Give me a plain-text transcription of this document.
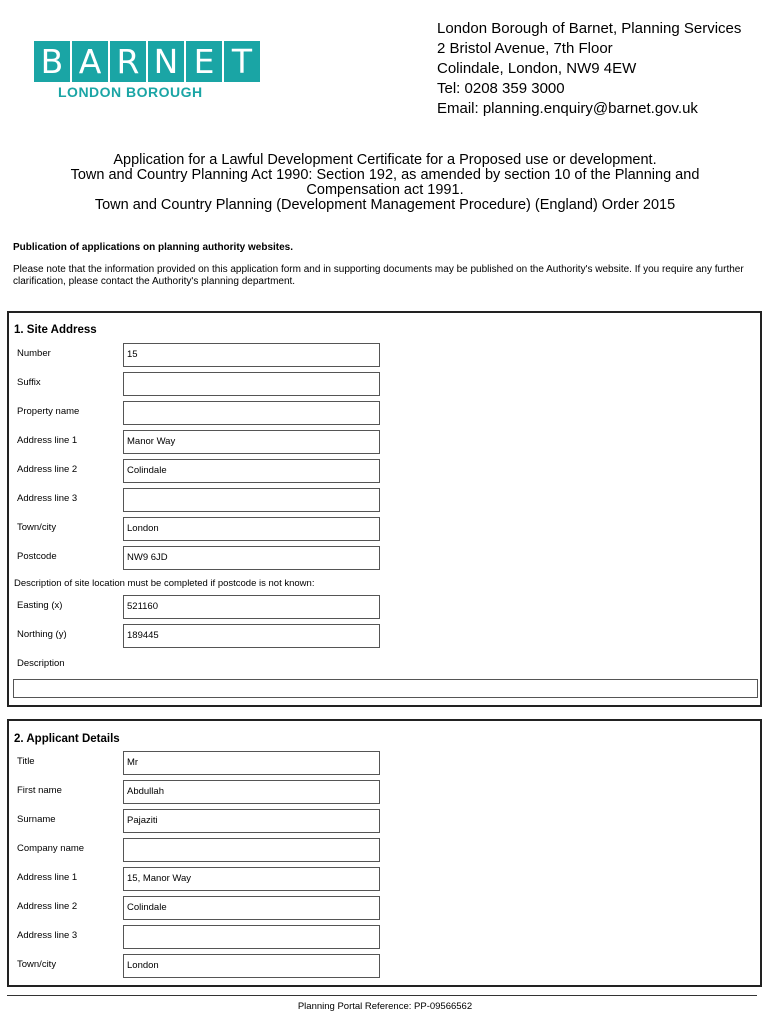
B A R N E T
LONDON BOROUGH
London Borough of Barnet, Planning Services
2 Bristol Avenue, 7th Floor
Colindale, London, NW9 4EW
Tel: 0208 359 3000
Email: planning.enquiry@barnet.gov.uk
Application for a Lawful Development Certificate for a Proposed use or development.
Town and Country Planning Act 1990: Section 192, as amended by section 10 of the Planning and
Compensation act 1991.
Town and Country Planning (Development Management Procedure) (England) Order 2015
Publication of applications on planning authority websites.
Please note that the information provided on this application form and in supporting documents may be published on the Authority's website. If you require any further clarification, please contact the Authority's planning department.
1. Site Address
Number	15
Suffix
Property name
Address line 1	Manor Way
Address line 2	Colindale
Address line 3
Town/city	London
Postcode	NW9 6JD
Description of site location must be completed if postcode is not known:
Easting (x)	521160
Northing (y)	189445
Description
2. Applicant Details
Title	Mr
First name	Abdullah
Surname	Pajaziti
Company name
Address line 1	15, Manor Way
Address line 2	Colindale
Address line 3
Town/city	London
Planning Portal Reference: PP-09566562
